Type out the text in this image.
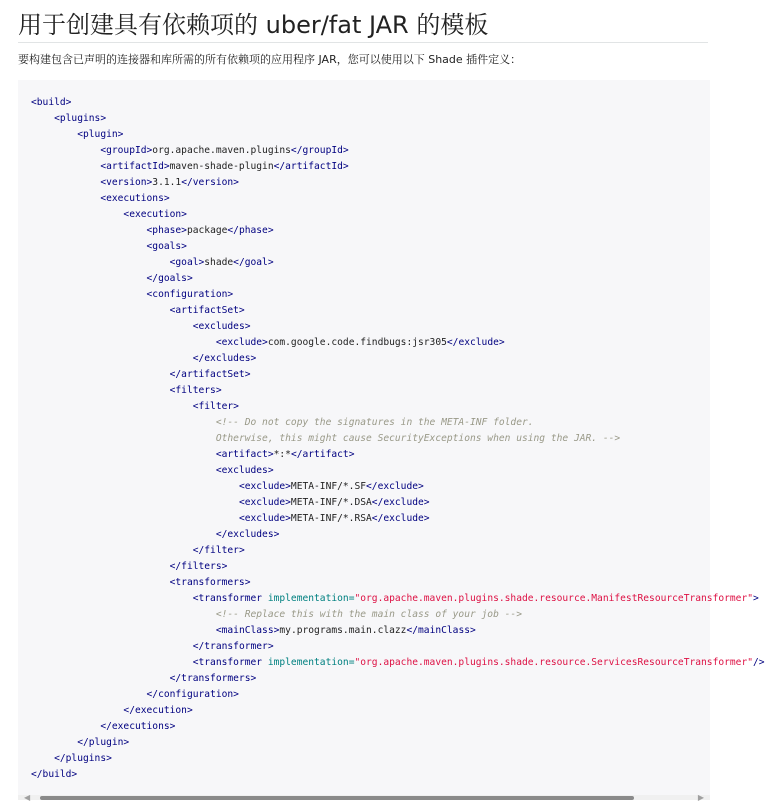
用于创建具有依赖项的 uber/fat JAR 的模板

要构建包含已声明的连接器和库所需的所有依赖项的应用程序 JAR，您可以使用以下 Shade 插件定义：

<build>
<plugins>
<plugin>
<groupId>org.apache.maven.plugins</groupId>
<artifactId>maven-shade-plugin</artifactId>
<version>3.1.1</version>
<executions>
<execution>
<phase>package</phase>
<goals>
<goal>shade</goal>
</goals>
<configuration>
<artifactSet>
<excludes>
<exclude>com.google.code.findbugs:jsr305</exclude>
</excludes>
</artifactSet>
<filters>
<filter>
<!-- Do not copy the signatures in the META-INF folder.
Otherwise, this might cause SecurityExceptions when using the JAR. -->
<artifact>*:*</artifact>
<excludes>
<exclude>META-INF/*.SF</exclude>
<exclude>META-INF/*.DSA</exclude>
<exclude>META-INF/*.RSA</exclude>
</excludes>
</filter>
</filters>
<transformers>
<transformer implementation="org.apache.maven.plugins.shade.resource.ManifestResourceTransformer">
<!-- Replace this with the main class of your job -->
<mainClass>my.programs.main.clazz</mainClass>
</transformer>
<transformer implementation="org.apache.maven.plugins.shade.resource.ServicesResourceTransformer"/>
</transformers>
</configuration>
</execution>
</executions>
</plugin>
</plugins>
</build>

◀	▶
